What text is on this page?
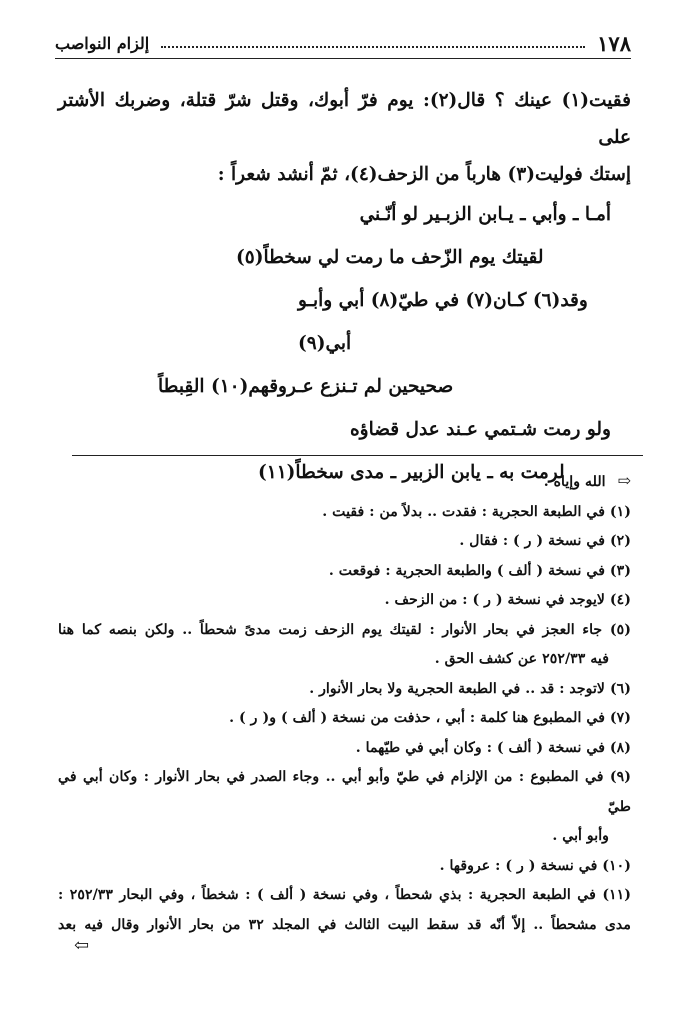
١٧٨
إلزام النواصب

فقيت(١) عينك ؟ قال(٢): يوم فرّ أبوك، وقتل شرّ قتلة، وضربك الأشتر على

إستك فوليت(٣) هارباً من الزحف(٤)، ثمّ أنشد شعراً :

أمـا ـ وأبي ـ يـابن الزبـير لو أنّـني

لقيتك يوم الزّحف ما رمت لي سخطاً(٥)

وقد(٦) كـان(٧) في طيّ(٨) أبي وأبـو أبي(٩)

صحيحين لم تـنزع عـروقهم(١٠) القِبطاً

ولو رمت شـتمي عـند عدل قضاؤه

لرمت به ـ يابن الزبير ـ مدى سخطاً(١١)	⇨الله وإياه .

(١) في الطبعة الحجرية : فقدت .. بدلاً من : فقيت .

(٢) في نسخة ( ر ) : فقال .

(٣) في نسخة ( ألف ) والطبعة الحجرية : فوقعت .

(٤) لايوجد في نسخة ( ر ) : من الزحف .

(٥) جاء العجز في بحار الأنوار : لقيتك يوم الزحف زمت مدىً شحطاً .. ولكن بنصه كما هنا

فيه ٢٥٢/٣٣ عن كشف الحق .

(٦) لاتوجد : قد .. في الطبعة الحجرية ولا بحار الأنوار .

(٧) في المطبوع هنا كلمة : أبي ، حذفت من نسخة ( ألف ) و( ر ) .

(٨) في نسخة ( ألف ) : وكان أبي في طيّهما .

(٩) في المطبوع : من الإلزام في طيّ وأبو أبي .. وجاء الصدر في بحار الأنوار : وكان أبي في طيّ

وأبو أبي .

(١٠) في نسخة ( ر ) : عروقها .

(١١) في الطبعة الحجرية : بذي شحطاً ، وفي نسخة ( ألف ) : شخطاً ، وفي البحار ٢٥٢/٣٣ :

مدى مشحطاً .. إلاّ أنّه قد سقط البيت الثالث في المجلد ٣٢ من بحار الأنوار وقال فيه بعد

⇦
